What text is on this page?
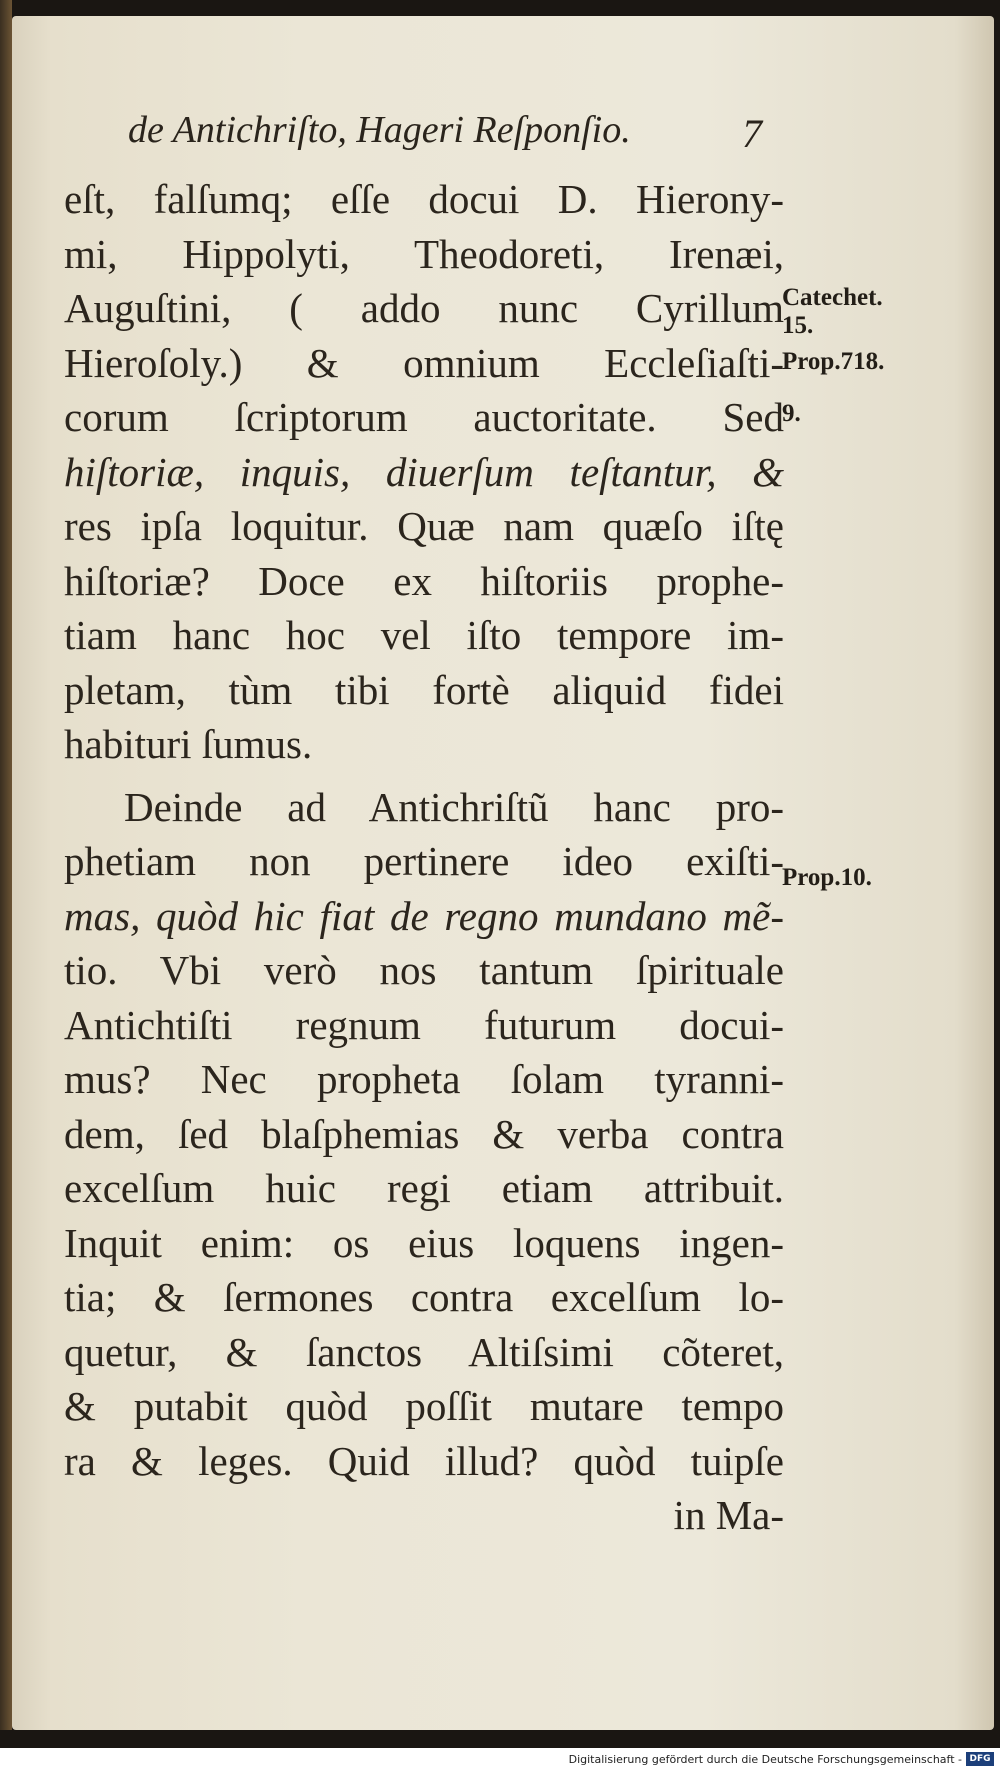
de Antichriſto, Hageri Reſponſio.	7
eſt, falſumq; eſſe docui D. Hierony-
mi, Hippolyti, Theodoreti, Irenæi,
Auguſtini, ( addo nunc Cyrillum
Hieroſoly.) & omnium Eccleſiaſti-
corum ſcriptorum auctoritate. Sed
hiſtoriæ, inquis, diuerſum teſtantur, &
res ipſa loquitur. Quæ nam quæſo iſtę
hiſtoriæ? Doce ex hiſtoriis prophe-
tiam hanc hoc vel iſto tempore im-
pletam, tùm tibi fortè aliquid fidei
habituri ſumus.
Deinde ad Antichriſtũ hanc pro-
phetiam non pertinere ideo exiſti-
mas, quòd hic fiat de regno mundano mẽ-
tio. Vbi verò nos tantum ſpirituale
Antichtiſti regnum futurum docui-
mus? Nec propheta ſolam tyranni-
dem, ſed blaſphemias & verba contra
excelſum huic regi etiam attribuit.
Inquit enim: os eius loquens ingen-
tia; & ſermones contra excelſum lo-
quetur, & ſanctos Altiſsimi cõteret,
& putabit quòd poſſit mutare tempo
ra & leges. Quid illud? quòd tuipſe
in Ma-
Catechet.
15.
Prop.718.
9.
Prop.10.
Digitalisierung gefördert durch die Deutsche Forschungsgemeinschaft - DFG
